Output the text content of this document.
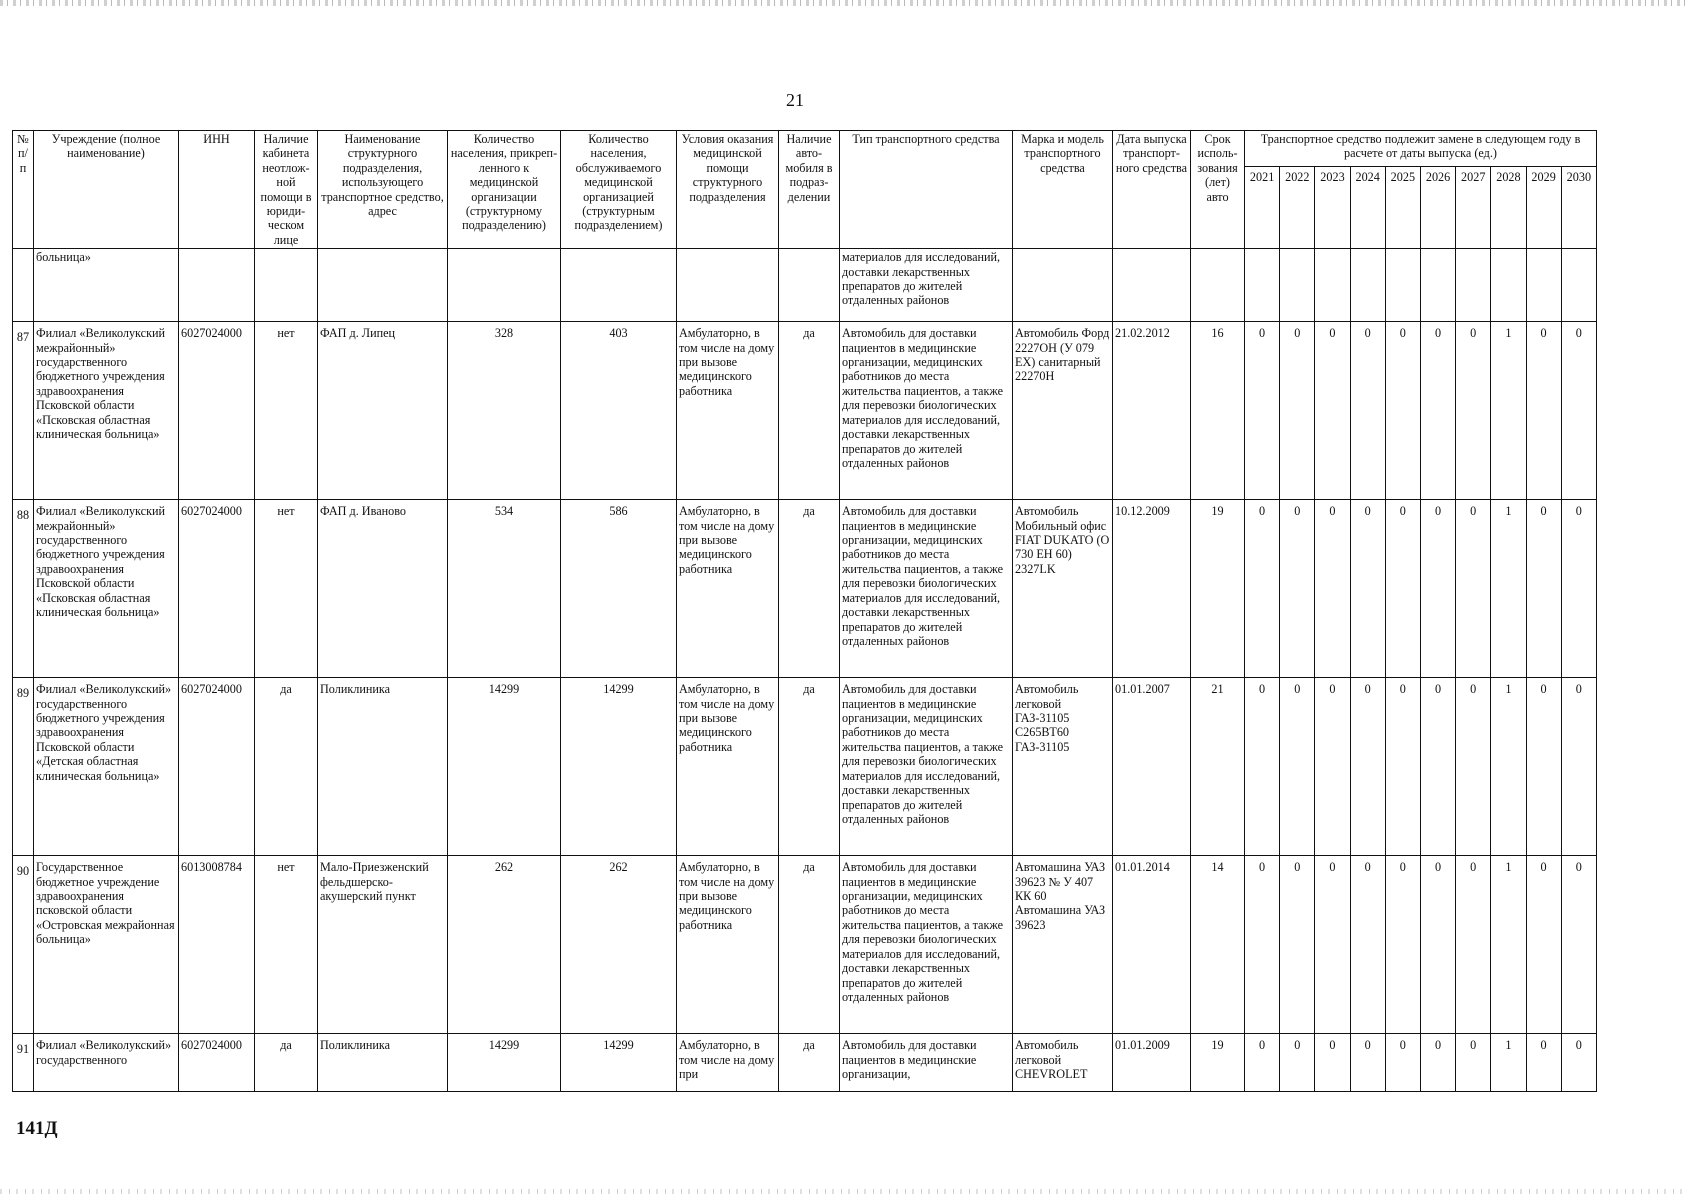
21
№ п/п	Учреждение (полное наименование)	ИНН	Наличие кабинета неотлож-ной помощи в юриди-ческом лице	Наименование структурного подразделения, использующего транспортное средство, адрес	Количество населения, прикреп-ленного к медицинской организации (структурному подразделению)	Количество населения, обслуживаемого медицинской организацией (структурным подразделением)	Условия оказания медицинской помощи структурного подразделения	Наличие авто-мобиля в подраз-делении	Тип транспортного средства	Марка и модель транспортного средства	Дата выпуска транспорт-ного средства	Срок исполь-зования (лет) авто	Транспортное средство подлежит замене в следующем году в расчете от даты выпуска (ед.)									
													2021	2022	2023	2024	2025	2026	2027	2028	2029	2030
	больница»								материалов для исследований, доставки лекарственных препаратов до жителей отдаленных районов													
87	Филиал «Великолукский межрайонный» государственного бюджетного учреждения здравоохранения Псковской области «Псковская областная клиническая больница»	6027024000	нет	ФАП д. Липец	328	403	Амбулаторно, в том числе на дому при вызове медицинского работника	да	Автомобиль для доставки пациентов в медицинские организации, медицинских работников до места жительства пациентов, а также для перевозки биологических материалов для исследований, доставки лекарственных препаратов до жителей отдаленных районов	Автомобиль Форд 2227ОН (У 079 ЕХ) санитарный 22270Н	21.02.2012	16	0	0	0	0	0	0	0	1	0	0
88	Филиал «Великолукский межрайонный» государственного бюджетного учреждения здравоохранения Псковской области «Псковская областная клиническая больница»	6027024000	нет	ФАП д. Иваново	534	586	Амбулаторно, в том числе на дому при вызове медицинского работника	да	Автомобиль для доставки пациентов в медицинские организации, медицинских работников до места жительства пациентов, а также для перевозки биологических материалов для исследований, доставки лекарственных препаратов до жителей отдаленных районов	Автомобиль Мобильный офис FIAT DUKATO (О 730 ЕН 60) 2327LK	10.12.2009	19	0	0	0	0	0	0	0	1	0	0
89	Филиал «Великолукский» государственного бюджетного учреждения здравоохранения Псковской области «Детская областная клиническая больница»	6027024000	да	Поликлиника	14299	14299	Амбулаторно, в том числе на дому при вызове медицинского работника	да	Автомобиль для доставки пациентов в медицинские организации, медицинских работников до места жительства пациентов, а также для перевозки биологических материалов для исследований, доставки лекарственных препаратов до жителей отдаленных районов	Автомобиль легковой ГАЗ-31105 С265ВТ60 ГАЗ-31105	01.01.2007	21	0	0	0	0	0	0	0	1	0	0
90	Государственное бюджетное учреждение здравоохранения псковской области «Островская межрайонная больница»	6013008784	нет	Мало-Приезженский фельдшерско-акушерский пункт	262	262	Амбулаторно, в том числе на дому при вызове медицинского работника	да	Автомобиль для доставки пациентов в медицинские организации, медицинских работников до места жительства пациентов, а также для перевозки биологических материалов для исследований, доставки лекарственных препаратов до жителей отдаленных районов	Автомашина УАЗ 39623 № У 407 КК 60 Автомашина УАЗ 39623	01.01.2014	14	0	0	0	0	0	0	0	1	0	0
91	Филиал «Великолукский» государственного	6027024000	да	Поликлиника	14299	14299	Амбулаторно, в том числе на дому при	да	Автомобиль для доставки пациентов в медицинские организации,	Автомобиль легковой CHEVROLET	01.01.2009	19	0	0	0	0	0	0	0	1	0	0
141Д
